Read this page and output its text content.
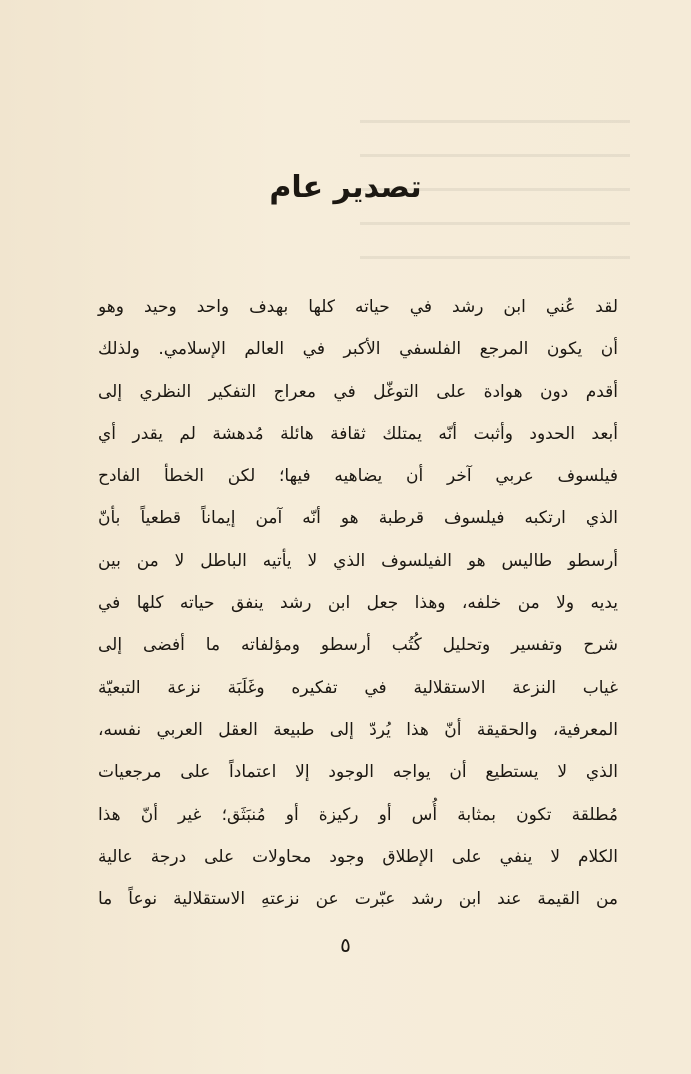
تصدير عام
لقد عُني ابن رشد في حياته كلها بهدف واحد وحيد وهو
أن يكون المرجع الفلسفي الأكبر في العالم الإسلامي. ولذلك
أقدم دون هوادة على التوغّل في معراج التفكير النظري إلى
أبعد الحدود وأثبت أنّه يمتلك ثقافة هائلة مُدهشة لم يقدر أي
فيلسوف عربي آخر أن يضاهيه فيها؛ لكن الخطأ الفادح
الذي ارتكبه فيلسوف قرطبة هو أنّه آمن إيماناً قطعياً بأنّ
أرسطو طاليس هو الفيلسوف الذي لا يأتيه الباطل لا من بين
يديه ولا من خلفه، وهذا جعل ابن رشد ينفق حياته كلها في
شرح وتفسير وتحليل كُتُب أرسطو ومؤلفاته ما أفضى إلى
غياب النزعة الاستقلالية في تفكيره وغَلَبَة نزعة التبعيّة
المعرفية، والحقيقة أنّ هذا يُردّ إلى طبيعة العقل العربي نفسه،
الذي لا يستطيع أن يواجه الوجود إلا اعتماداً على مرجعيات
مُطلقة تكون بمثابة أُس أو ركيزة أو مُنبَثَق؛ غير أنّ هذا
الكلام لا ينفي على الإطلاق وجود محاولات على درجة عالية
من القيمة عند ابن رشد عبّرت عن نزعتهِ الاستقلالية نوعاً ما
٥
